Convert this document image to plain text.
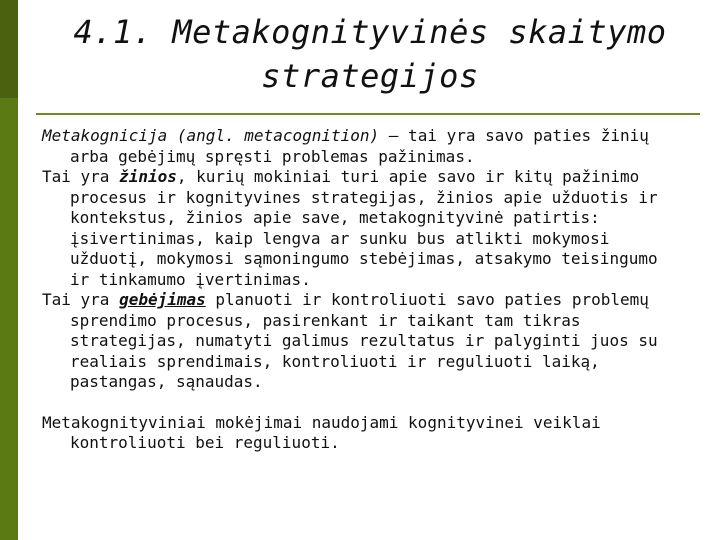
4.1. Metakognityvinės skaitymo
strategijos

Metakognicija (angl. metacognition) – tai yra savo paties žinių arba gebėjimų spręsti problemas pažinimas.

Tai yra žinios, kurių mokiniai turi apie savo ir kitų pažinimo procesus ir kognityvines strategijas, žinios apie užduotis ir kontekstus, žinios apie save, metakognityvinė patirtis: įsivertinimas, kaip lengva ar sunku bus atlikti mokymosi užduotį, mokymosi sąmoningumo stebėjimas, atsakymo teisingumo ir tinkamumo įvertinimas.

Tai yra gebėjimas planuoti ir kontroliuoti savo paties problemų sprendimo procesus, pasirenkant ir taikant tam tikras strategijas, numatyti galimus rezultatus ir palyginti juos su realiais sprendimais, kontroliuoti ir reguliuoti laiką, pastangas, sąnaudas.

Metakognityviniai mokėjimai naudojami kognityvinei veiklai kontroliuoti bei reguliuoti.
